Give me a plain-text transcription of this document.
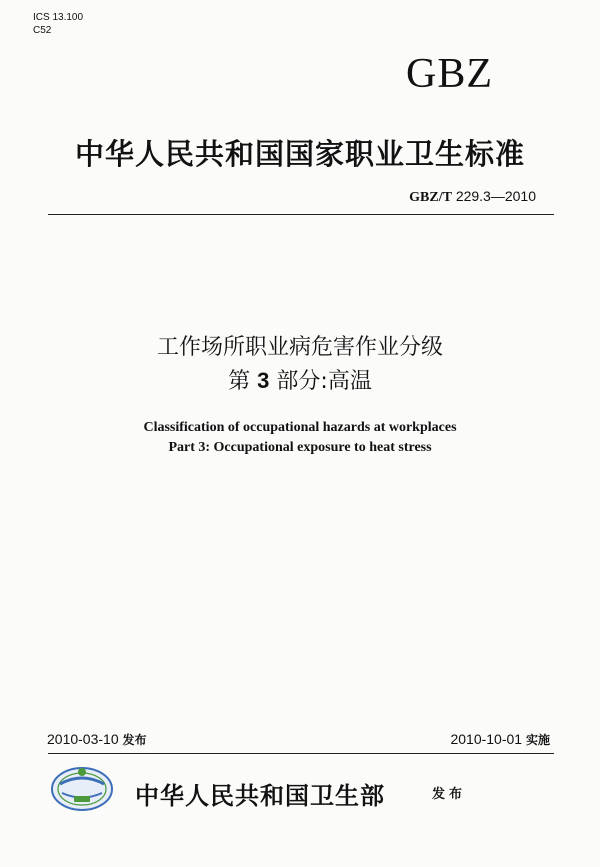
ICS 13.100
C52
GBZ
中华人民共和国国家职业卫生标准
GBZ/T 229.3—2010
工作场所职业病危害作业分级
第 3 部分:高温
Classification of occupational hazards at workplaces
Part 3: Occupational exposure to heat stress
2010-03-10 发布	2010-10-01 实施
中华人民共和国卫生部	发布
